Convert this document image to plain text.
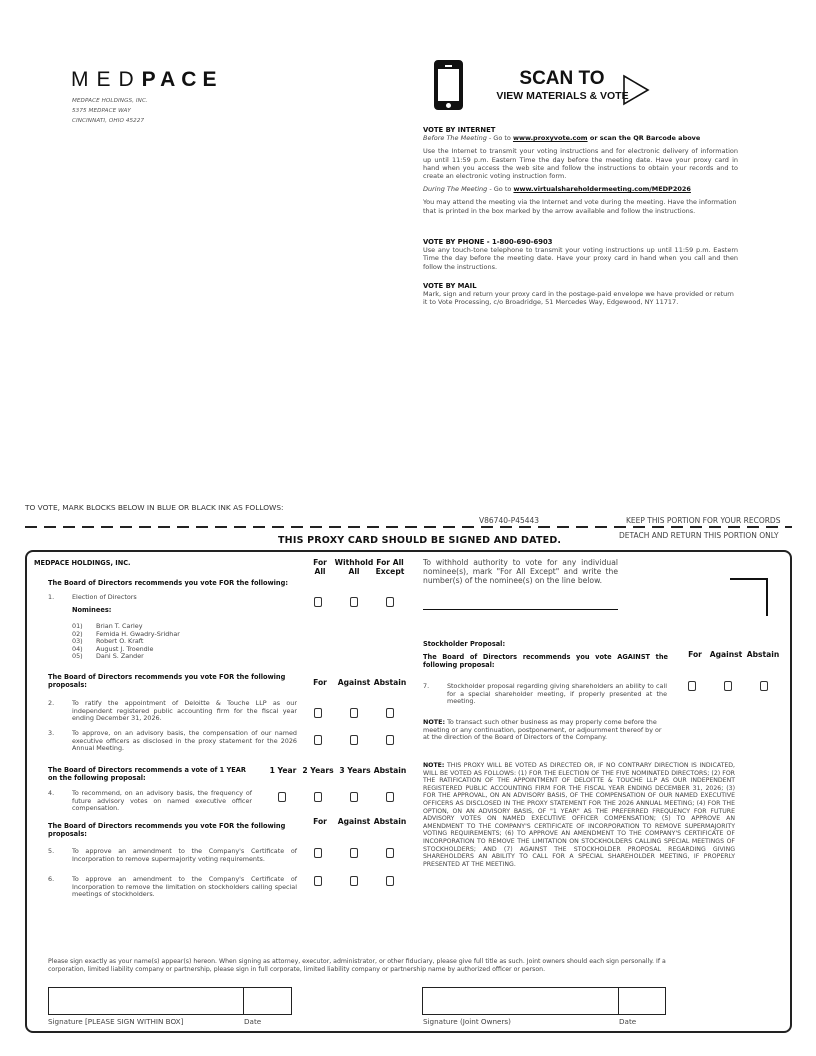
MEDPACE
MEDPACE HOLDINGS, INC.
5375 MEDPACE WAY
CINCINNATI, OHIO 45227
SCAN TO
VIEW MATERIALS & VOTE
VOTE BY INTERNET
Before The Meeting - Go to www.proxyvote.com or scan the QR Barcode above
Use the Internet to transmit your voting instructions and for electronic delivery of information up until 11:59 p.m. Eastern Time the day before the meeting date. Have your proxy card in hand when you access the web site and follow the instructions to obtain your records and to create an electronic voting instruction form.
During The Meeting - Go to www.virtualshareholdermeeting.com/MEDP2026
You may attend the meeting via the Internet and vote during the meeting. Have the information that is printed in the box marked by the arrow available and follow the instructions.
VOTE BY PHONE - 1-800-690-6903
Use any touch-tone telephone to transmit your voting instructions up until 11:59 p.m. Eastern Time the day before the meeting date. Have your proxy card in hand when you call and then follow the instructions.
VOTE BY MAIL
Mark, sign and return your proxy card in the postage-paid envelope we have provided or return it to Vote Processing, c/o Broadridge, 51 Mercedes Way, Edgewood, NY 11717.
TO VOTE, MARK BLOCKS BELOW IN BLUE OR BLACK INK AS FOLLOWS:
V86740-P45443	KEEP THIS PORTION FOR YOUR RECORDS
THIS PROXY CARD SHOULD BE SIGNED AND DATED.	DETACH AND RETURN THIS PORTION ONLY
MEDPACE HOLDINGS, INC.	For
All
Withhold
All
For All
Except
The Board of Directors recommends you vote FOR the following:
1.	Election of Directors
Nominees:
01) Brian T. Carley
02) Femida H. Gwadry-Sridhar
03) Robert O. Kraft
04) August J. Troendle
05) Dani S. Zander
To withhold authority to vote for any individual nominee(s), mark "For All Except" and write the number(s) of the nominee(s) on the line below.
The Board of Directors recommends you vote FOR the following proposals:	For	Against Abstain
2.	To ratify the appointment of Deloitte & Touche LLP as our independent registered public accounting firm for the fiscal year ending December 31, 2026.
3.	To approve, on an advisory basis, the compensation of our named executive officers as disclosed in the proxy statement for the 2026 Annual Meeting.
The Board of Directors recommends a vote of 1 YEAR on the following proposal:
1 Year 2 Years 3 Years Abstain
4.	To recommend, on an advisory basis, the frequency of future advisory votes on named executive officer compensation.
The Board of Directors recommends you vote FOR the following proposals:
For	Against Abstain
5.	To approve an amendment to the Company's Certificate of Incorporation to remove supermajority voting requirements.
6.	To approve an amendment to the Company's Certificate of Incorporation to remove the limitation on stockholders calling special meetings of stockholders.
Stockholder Proposal:
The Board of Directors recommends you vote AGAINST the following proposal:
For	Against Abstain
7.	Stockholder proposal regarding giving shareholders an ability to call for a special shareholder meeting, if properly presented at the meeting.
NOTE: To transact such other business as may properly come before the meeting or any continuation, postponement, or adjournment thereof by or at the direction of the Board of Directors of the Company.
NOTE: THIS PROXY WILL BE VOTED AS DIRECTED OR, IF NO CONTRARY DIRECTION IS INDICATED, WILL BE VOTED AS FOLLOWS: (1) FOR THE ELECTION OF THE FIVE NOMINATED DIRECTORS; (2) FOR THE RATIFICATION OF THE APPOINTMENT OF DELOITTE & TOUCHE LLP AS OUR INDEPENDENT REGISTERED PUBLIC ACCOUNTING FIRM FOR THE FISCAL YEAR ENDING DECEMBER 31, 2026; (3) FOR THE APPROVAL, ON AN ADVISORY BASIS, OF THE COMPENSATION OF OUR NAMED EXECUTIVE OFFICERS AS DISCLOSED IN THE PROXY STATEMENT FOR THE 2026 ANNUAL MEETING; (4) FOR THE OPTION, ON AN ADVISORY BASIS, OF "1 YEAR" AS THE PREFERRED FREQUENCY FOR FUTURE ADVISORY VOTES ON NAMED EXECUTIVE OFFICER COMPENSATION; (5) TO APPROVE AN AMENDMENT TO THE COMPANY'S CERTIFICATE OF INCORPORATION TO REMOVE SUPERMAJORITY VOTING REQUIREMENTS; (6) TO APPROVE AN AMENDMENT TO THE COMPANY'S CERTIFICATE OF INCORPORATION TO REMOVE THE LIMITATION ON STOCKHOLDERS CALLING SPECIAL MEETINGS OF STOCKHOLDERS; AND (7) AGAINST THE STOCKHOLDER PROPOSAL REGARDING GIVING SHAREHOLDERS AN ABILITY TO CALL FOR A SPECIAL SHAREHOLDER MEETING, IF PROPERLY PRESENTED AT THE MEETING.
Please sign exactly as your name(s) appear(s) hereon. When signing as attorney, executor, administrator, or other fiduciary, please give full title as such. Joint owners should each sign personally. If a corporation, limited liability company or partnership, please sign in full corporate, limited liability company or partnership name by authorized officer or person.
Signature [PLEASE SIGN WITHIN BOX]	Date	Signature (Joint Owners)	Date
